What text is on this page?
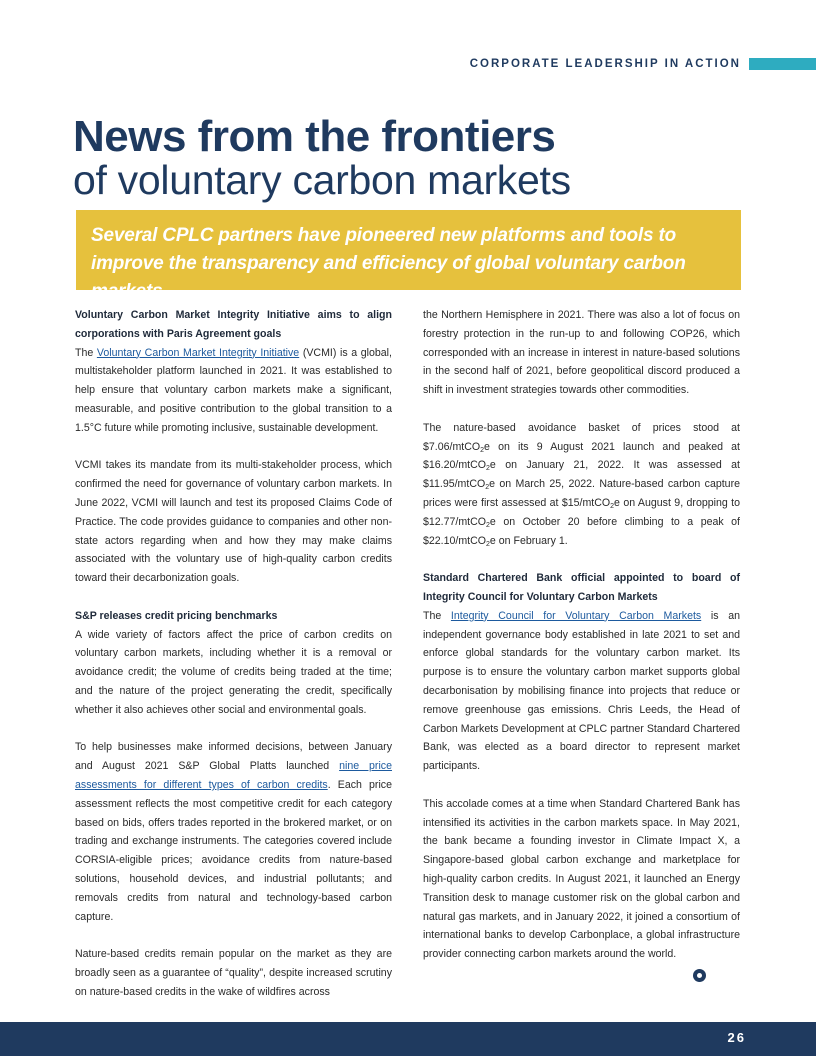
CORPORATE LEADERSHIP IN ACTION
News from the frontiers
of voluntary carbon markets
Several CPLC partners have pioneered new platforms and tools to improve the transparency and efficiency of global voluntary carbon markets.
Voluntary Carbon Market Integrity Initiative aims to align corporations with Paris Agreement goals

The Voluntary Carbon Market Integrity Initiative (VCMI) is a global, multistakeholder platform launched in 2021. It was established to help ensure that voluntary carbon markets make a significant, measurable, and positive contribution to the global transition to a 1.5°C future while promoting inclusive, sustainable development.

VCMI takes its mandate from its multi-stakeholder process, which confirmed the need for governance of voluntary carbon markets. In June 2022, VCMI will launch and test its proposed Claims Code of Practice. The code provides guidance to companies and other non-state actors regarding when and how they may make claims associated with the voluntary use of high-quality carbon credits toward their decarbonization goals.

S&P releases credit pricing benchmarks

A wide variety of factors affect the price of carbon credits on voluntary carbon markets, including whether it is a removal or avoidance credit; the volume of credits being traded at the time; and the nature of the project generating the credit, specifically whether it also achieves other social and environmental goals.

To help businesses make informed decisions, between January and August 2021 S&P Global Platts launched nine price assessments for different types of carbon credits. Each price assessment reflects the most competitive credit for each category based on bids, offers trades reported in the brokered market, or on trading and exchange instruments. The categories covered include CORSIA-eligible prices; avoidance credits from nature-based solutions, household devices, and industrial pollutants; and removals credits from natural and technology-based carbon capture.

Nature-based credits remain popular on the market as they are broadly seen as a guarantee of “quality”, despite increased scrutiny on nature-based credits in the wake of wildfires across

the Northern Hemisphere in 2021. There was also a lot of focus on forestry protection in the run-up to and following COP26, which corresponded with an increase in interest in nature-based solutions in the second half of 2021, before geopolitical discord produced a shift in investment strategies towards other commodities.

The nature-based avoidance basket of prices stood at $7.06/mtCO$_2$e on its 9 August 2021 launch and peaked at $16.20/mtCO$_2$e on January 21, 2022. It was assessed at $11.95/mtCO$_2$e on March 25, 2022. Nature-based carbon capture prices were first assessed at $15/mtCO$_2$e on August 9, dropping to $12.77/mtCO$_2$e on October 20 before climbing to a peak of $22.10/mtCO$_2$e on February 1.

Standard Chartered Bank official appointed to board of Integrity Council for Voluntary Carbon Markets

The Integrity Council for Voluntary Carbon Markets is an independent governance body established in late 2021 to set and enforce global standards for the voluntary carbon market. Its purpose is to ensure the voluntary carbon market supports global decarbonisation by mobilising finance into projects that reduce or remove greenhouse gas emissions. Chris Leeds, the Head of Carbon Markets Development at CPLC partner Standard Chartered Bank, was elected as a board director to represent market participants.

This accolade comes at a time when Standard Chartered Bank has intensified its activities in the carbon markets space. In May 2021, the bank became a founding investor in Climate Impact X, a Singapore-based global carbon exchange and marketplace for high-quality carbon credits. In August 2021, it launched an Energy Transition desk to manage customer risk on the global carbon and natural gas markets, and in January 2022, it joined a consortium of international banks to develop Carbonplace, a global infrastructure provider connecting carbon markets around the world.

26
